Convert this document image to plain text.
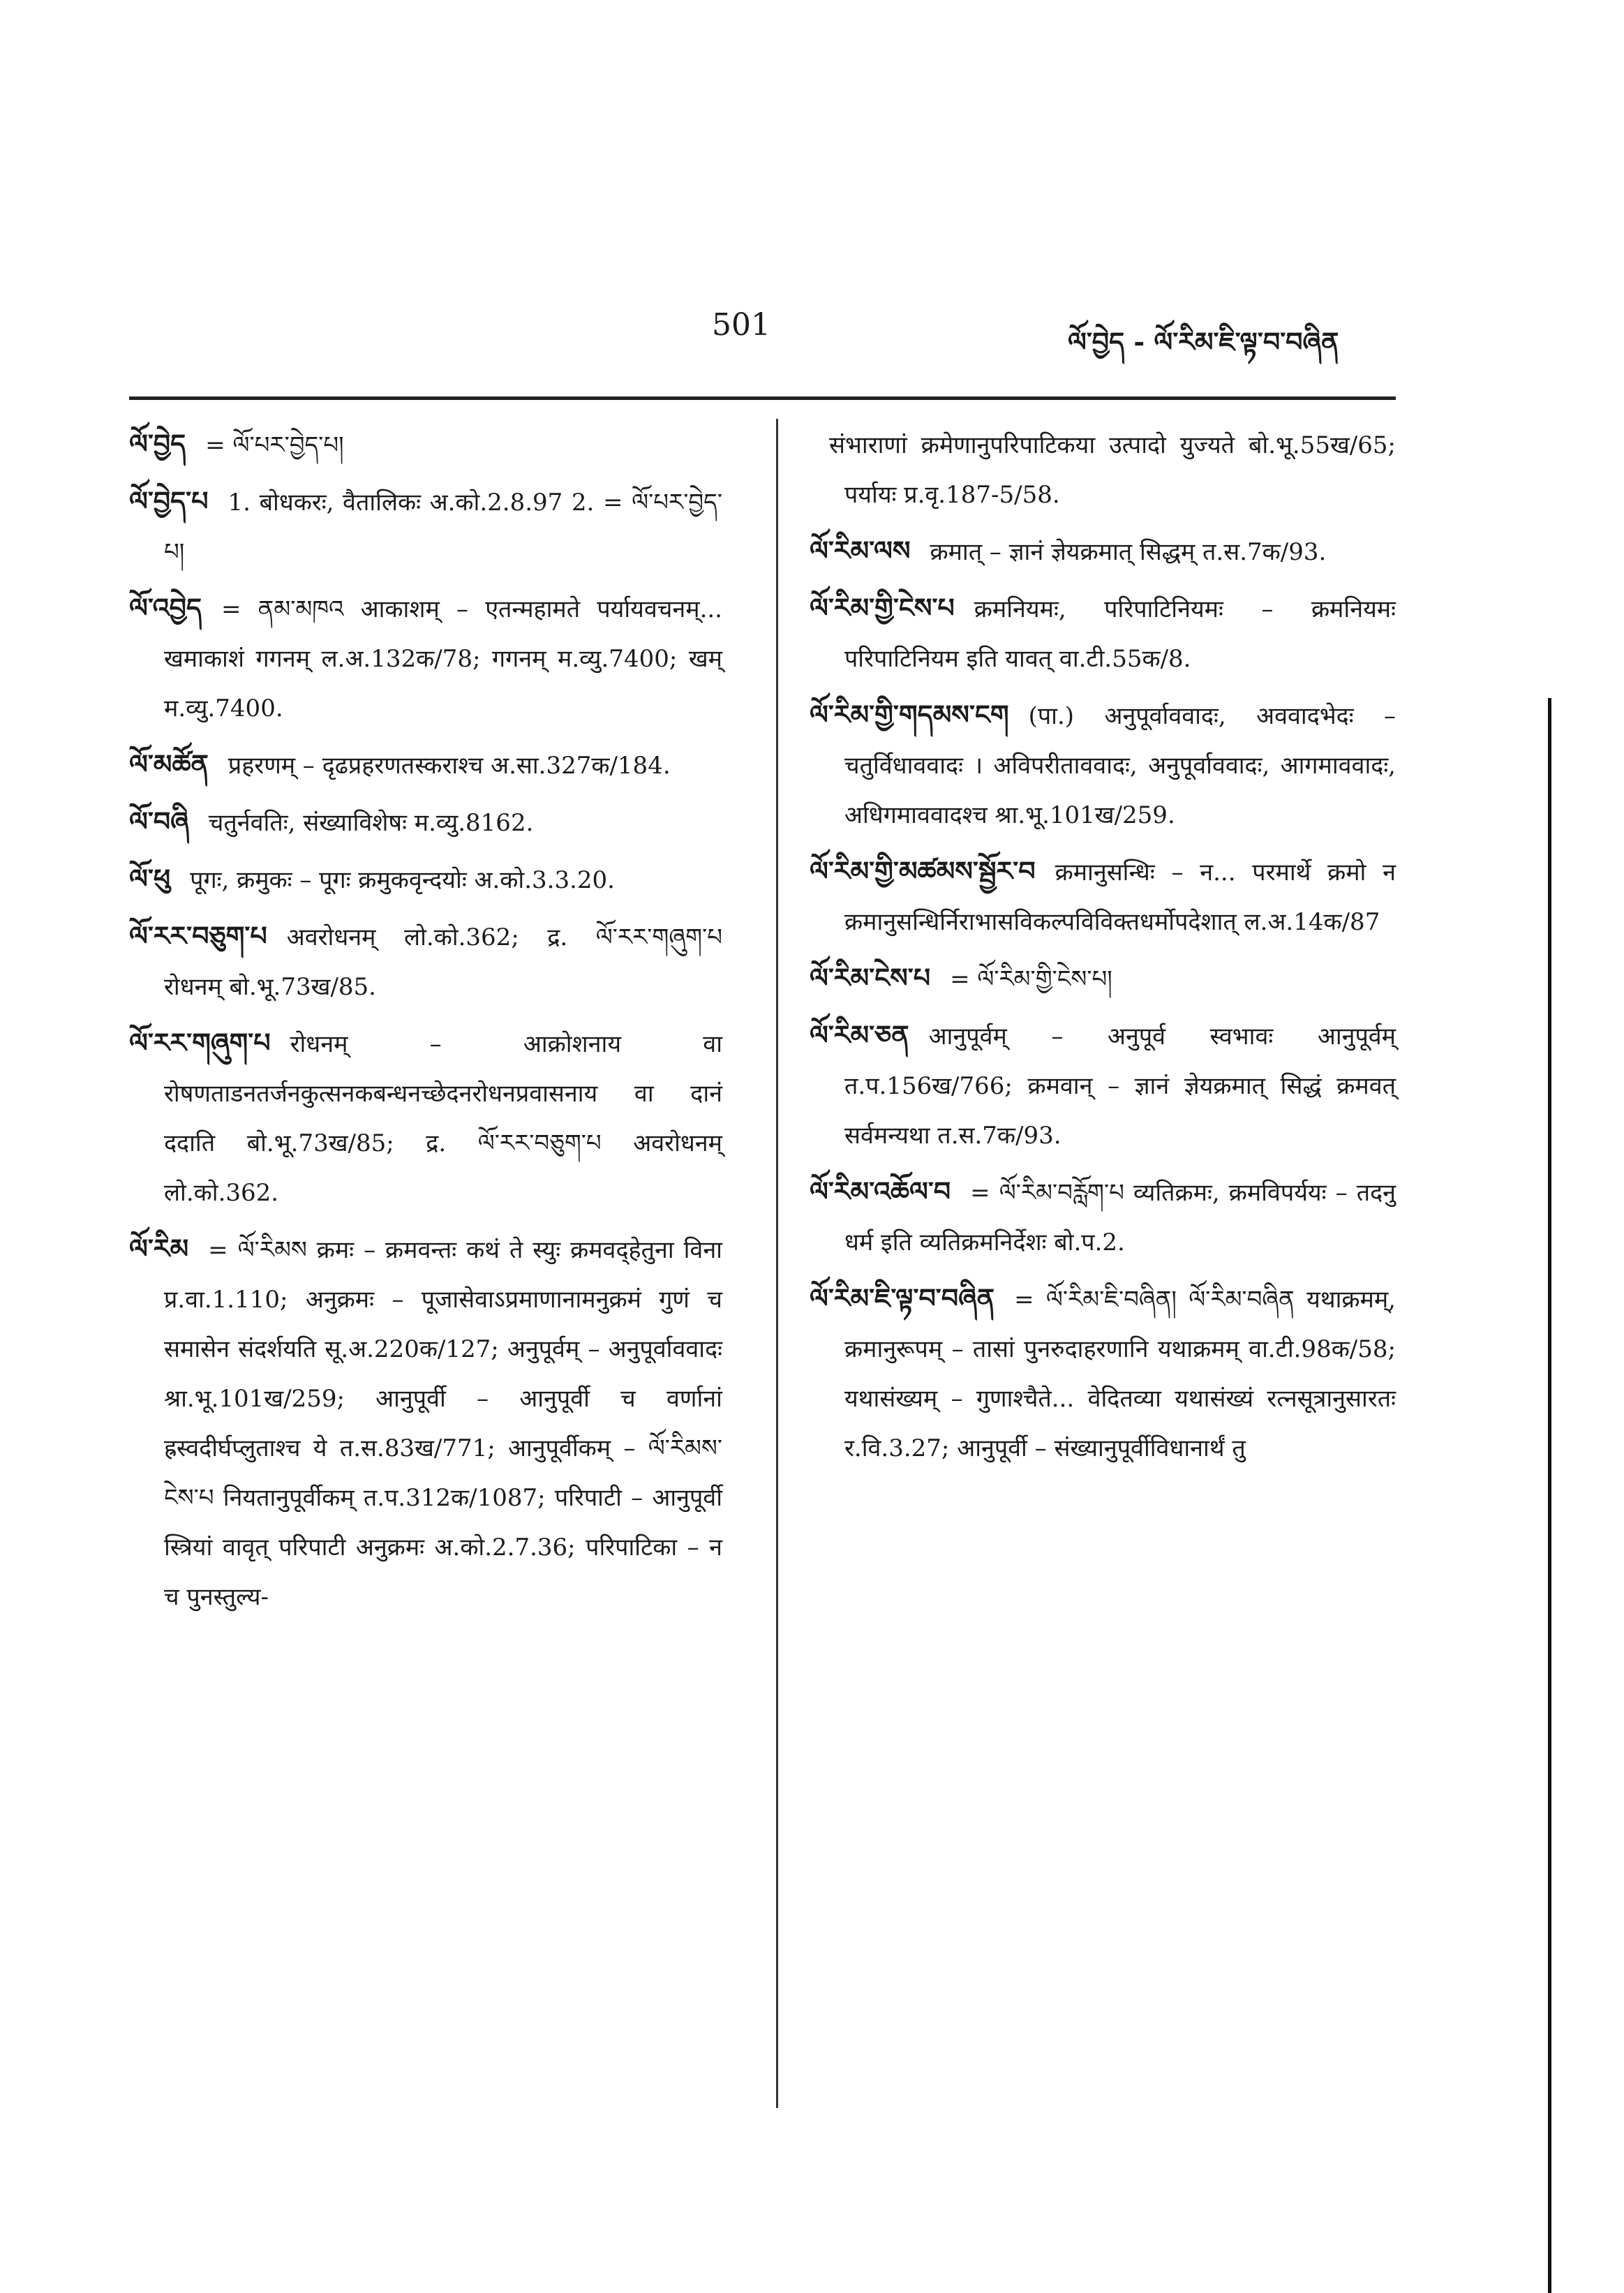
501	ལོ་བྱེད - ལོ་རིམ་ཇི་ལྟ་བ་བཞིན

ལོ་བྱེད = ལོ་པར་བྱེད་པ།

ལོ་བྱེད་པ 1. बोधकरः, वैतालिकः अ.को.2.8.97 2. = ལོ་པར་བྱེད་པ།

ལོ་འབྱེད = ནམ་མཁའ आकाशम् – एतन्महामते पर्यायवचनम्... खमाकाशं गगनम् ल.अ.132क/78; गगनम् म.व्यु.7400; खम् म.व्यु.7400.

ལོ་མཚོན प्रहरणम् – दृढप्रहरणतस्कराश्च अ.सा.327क/184.

ལོ་བཞི चतुर्नवतिः, संख्याविशेषः म.व्यु.8162.

ལོ་ཕུ पूगः, क्रमुकः – पूगः क्रमुकवृन्दयोः अ.को.3.3.20.

ལོ་རར་བཅུག་པ अवरोधनम् लो.को.362; द्र. ལོ་རར་གཞུག་པ रोधनम् बो.भू.73ख/85.

ལོ་རར་གཞུག་པ रोधनम् – आक्रोशनाय वा रोषणताडनतर्जनकुत्सनकबन्धनच्छेदनरोधनप्रवासनाय वा दानं ददाति बो.भू.73ख/85; द्र. ལོ་རར་བཅུག་པ अवरोधनम् लो.को.362.

ལོ་རིམ = ལོ་རིམས क्रमः – क्रमवन्तः कथं ते स्युः क्रमवद्हेतुना विना प्र.वा.1.110; अनुक्रमः – पूजासेवाऽप्रमाणानामनुक्रमं गुणं च समासेन संदर्शयति सू.अ.220क/127; अनुपूर्वम् – अनुपूर्वाववादः श्रा.भू.101ख/259; आनुपूर्वी – आनुपूर्वी च वर्णानां ह्रस्वदीर्घप्लुताश्च ये त.स.83ख/771; आनुपूर्वीकम् – ལོ་རིམས་ངེས་པ नियतानुपूर्वीकम् त.प.312क/1087; परिपाटी – आनुपूर्वी स्त्रियां वावृत् परिपाटी अनुक्रमः अ.को.2.7.36; परिपाटिका – न च पुनस्तुल्य-

संभाराणां क्रमेणानुपरिपाटिकया उत्पादो युज्यते बो.भू.55ख/65; पर्यायः प्र.वृ.187-5/58.

ལོ་རིམ་ལས क्रमात् – ज्ञानं ज्ञेयक्रमात् सिद्धम् त.स.7क/93.

ལོ་རིམ་གྱི་ངེས་པ क्रमनियमः, परिपाटिनियमः – क्रमनियमः परिपाटिनियम इति यावत् वा.टी.55क/8.

ལོ་རིམ་གྱི་གདམས་ངག (पा.) अनुपूर्वाववादः, अववादभेदः – चतुर्विधाववादः । अविपरीताववादः, अनुपूर्वाववादः, आगमाववादः, अधिगमाववादश्च श्रा.भू.101ख/259.

ལོ་རིམ་གྱི་མཚམས་སྦྱོར་བ क्रमानुसन्धिः – न... परमार्थे क्रमो न क्रमानुसन्धिर्निराभासविकल्पविविक्तधर्मोपदेशात् ल.अ.14क/87

ལོ་རིམ་ངེས་པ = ལོ་རིམ་གྱི་ངེས་པ།

ལོ་རིམ་ཅན आनुपूर्वम् – अनुपूर्व स्वभावः आनुपूर्वम् त.प.156ख/766; क्रमवान् – ज्ञानं ज्ञेयक्रमात् सिद्धं क्रमवत् सर्वमन्यथा त.स.7क/93.

ལོ་རིམ་འཆོལ་བ = ལོ་རིམ་བརློག་པ व्यतिक्रमः, क्रमविपर्ययः – तदनु धर्म इति व्यतिक्रमनिर्देशः बो.प.2.

ལོ་རིམ་ཇི་ལྟ་བ་བཞིན = ལོ་རིམ་ཇི་བཞིན། ལོ་རིམ་བཞིན यथाक्रमम्, क्रमानुरूपम् – तासां पुनरुदाहरणानि यथाक्रमम् वा.टी.98क/58; यथासंख्यम् – गुणाश्चैते... वेदितव्या यथासंख्यं रत्नसूत्रानुसारतः र.वि.3.27; आनुपूर्वी – संख्यानुपूर्वीविधानार्थं तु
